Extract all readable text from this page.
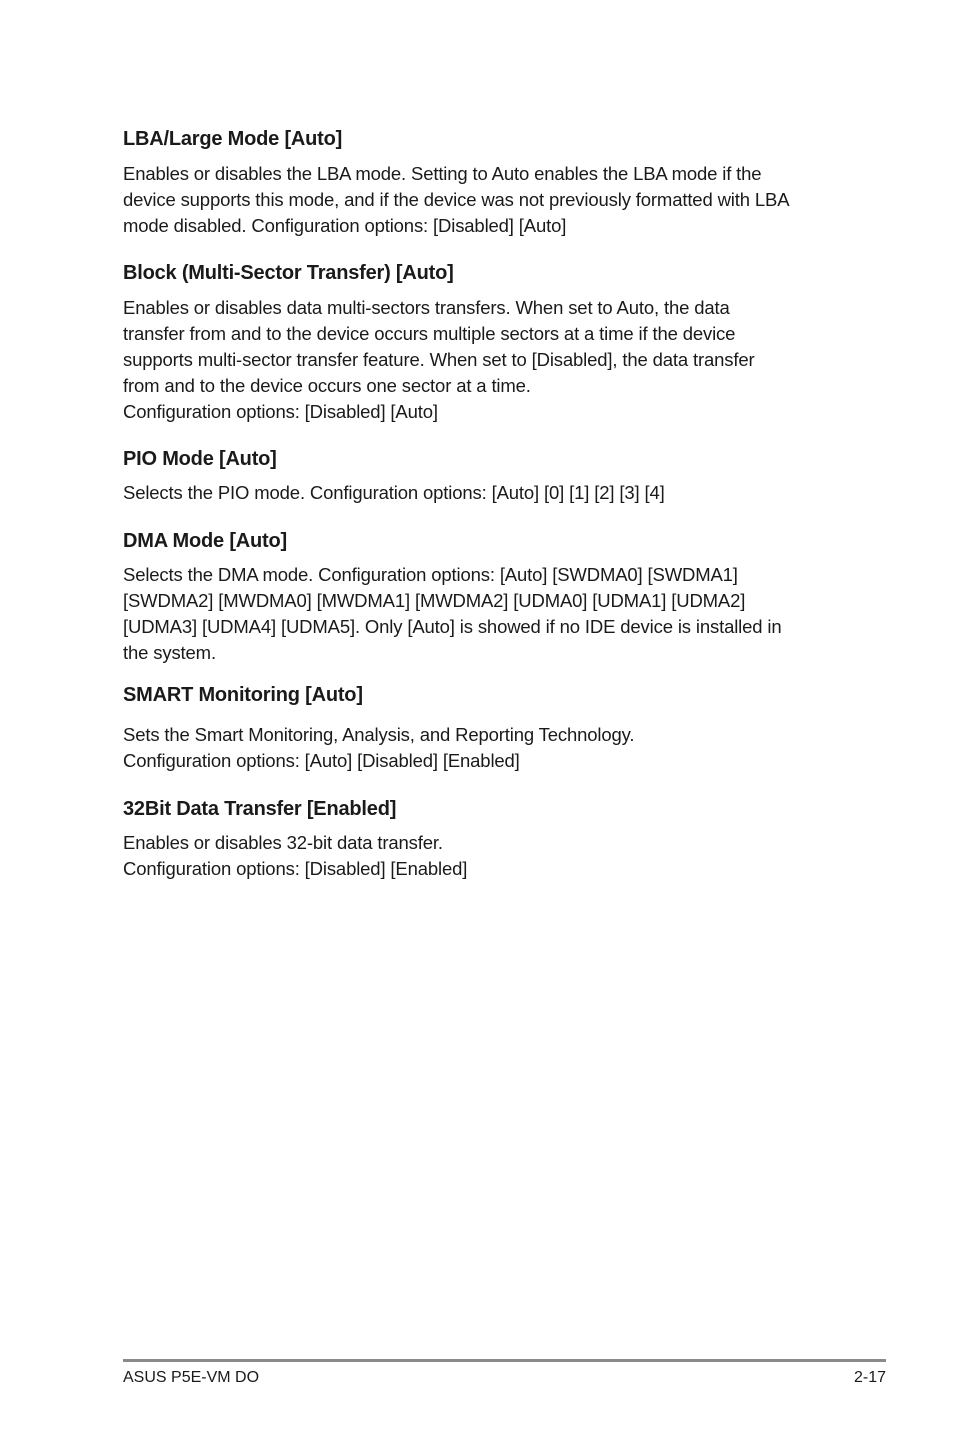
LBA/Large Mode [Auto]

Enables or disables the LBA mode. Setting to Auto enables the LBA mode if the
device supports this mode, and if the device was not previously formatted with LBA
mode disabled. Configuration options: [Disabled] [Auto]

Block (Multi-Sector Transfer) [Auto]

Enables or disables data multi-sectors transfers. When set to Auto, the data
transfer from and to the device occurs multiple sectors at a time if the device
supports multi-sector transfer feature. When set to [Disabled], the data transfer
from and to the device occurs one sector at a time.
Configuration options: [Disabled] [Auto]

PIO Mode [Auto]

Selects the PIO mode. Configuration options: [Auto] [0] [1] [2] [3] [4]

DMA Mode [Auto]

Selects the DMA mode. Configuration options: [Auto] [SWDMA0] [SWDMA1]
[SWDMA2] [MWDMA0] [MWDMA1] [MWDMA2] [UDMA0] [UDMA1] [UDMA2]
[UDMA3] [UDMA4] [UDMA5]. Only [Auto] is showed if no IDE device is installed in
the system.

SMART Monitoring [Auto]

Sets the Smart Monitoring, Analysis, and Reporting Technology.
Configuration options: [Auto] [Disabled] [Enabled]

32Bit Data Transfer [Enabled]

Enables or disables 32-bit data transfer.
Configuration options: [Disabled] [Enabled]

ASUS P5E-VM DO	2-17
